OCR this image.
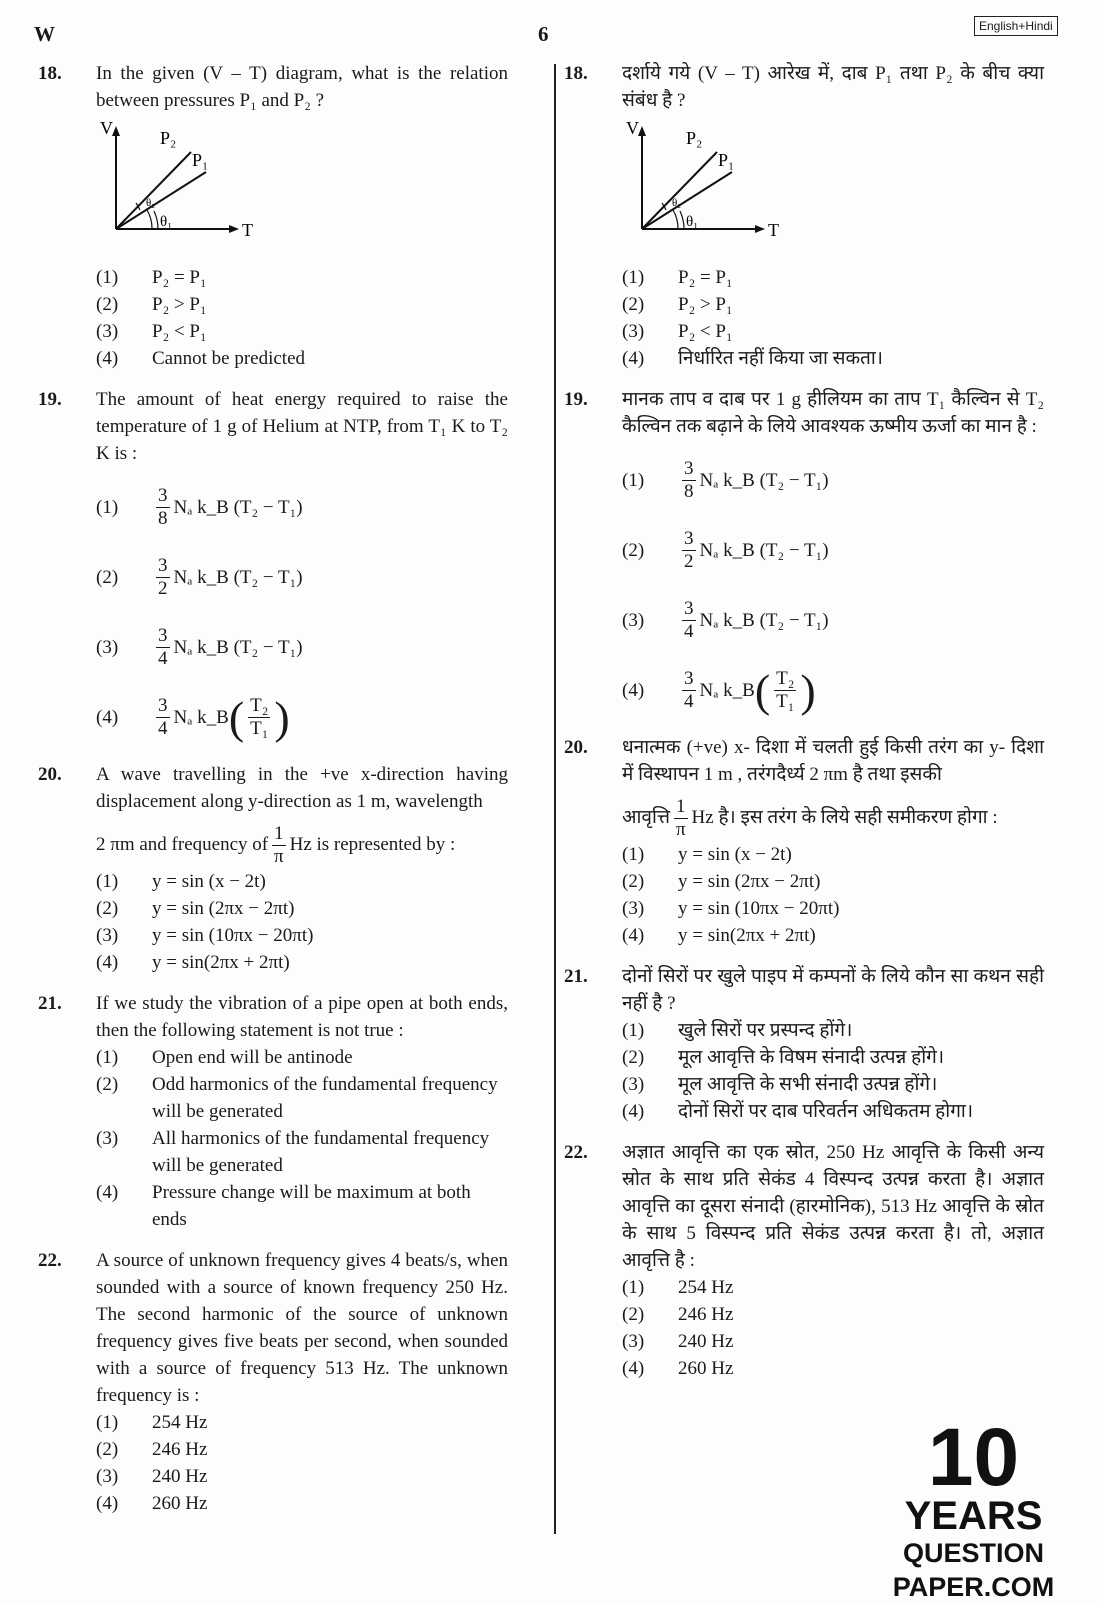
W	6	English+Hindi
18. In the given (V – T) diagram, what is the relation between pressures P₁ and P₂ ?
V
T
P₂
P₁
θ₁
θ₂
(1)	P₂ = P₁
(2)	P₂ > P₁
(3)	P₂ < P₁
(4)	Cannot be predicted
19. The amount of heat energy required to raise the temperature of 1 g of Helium at NTP, from T₁ K to T₂ K is :
(1)
3
8
Nₐ k_B (T₂ − T₁)
(2)
3
2
Nₐ k_B (T₂ − T₁)
(3)
3
4
Nₐ k_B (T₂ − T₁)
(4)
3
4
Nₐ k_B ( T₂
T₁ )
20. A wave travelling in the +ve x-direction having displacement along y-direction as 1 m, wavelength
2 πm and frequency of $\frac{1}{\pi}$ Hz is represented by :
(1)	y = sin (x − 2t)
(2)	y = sin (2πx − 2πt)
(3)	y = sin (10πx − 20πt)
(4)	y = sin(2πx + 2πt)
21. If we study the vibration of a pipe open at both ends, then the following statement is not true :
(1)	Open end will be antinode
(2)	Odd harmonics of the fundamental frequency will be generated
(3)	All harmonics of the fundamental frequency will be generated
(4)	Pressure change will be maximum at both ends
22. A source of unknown frequency gives 4 beats/s, when sounded with a source of known frequency 250 Hz. The second harmonic of the source of unknown frequency gives five beats per second, when sounded with a source of frequency 513 Hz. The unknown frequency is :
(1)	254 Hz
(2)	246 Hz
(3)	240 Hz
(4)	260 Hz
18. दर्शाये गये (V – T) आरेख में, दाब P₁ तथा P₂ के बीच क्या संबंध है ?
V
T
P₂
P₁
θ₁
θ₂
(1)	P₂ = P₁
(2)	P₂ > P₁
(3)	P₂ < P₁
(4)	निर्धारित नहीं किया जा सकता।
19. मानक ताप व दाब पर 1 g हीलियम का ताप T₁ कैल्विन से T₂ कैल्विन तक बढ़ाने के लिये आवश्यक ऊष्मीय ऊर्जा का मान है :
(1)
3
8
Nₐ k_B (T₂ − T₁)
(2)
3
2
Nₐ k_B (T₂ − T₁)
(3)
3
4
Nₐ k_B (T₂ − T₁)
(4)
3
4
Nₐ k_B ( T₂
T₁ )
20. धनात्मक (+ve) x- दिशा में चलती हुई किसी तरंग का y- दिशा में विस्थापन 1 m , तरंगदैर्ध्य 2 πm है तथा इसकी
आवृत्ति $\frac{1}{\pi}$ Hz है। इस तरंग के लिये सही समीकरण होगा :
(1)	y = sin (x − 2t)
(2)	y = sin (2πx − 2πt)
(3)	y = sin (10πx − 20πt)
(4)	y = sin(2πx + 2πt)
21. दोनों सिरों पर खुले पाइप में कम्पनों के लिये कौन सा कथन सही नहीं है ?
(1)	खुले सिरों पर प्रस्पन्द होंगे।
(2)	मूल आवृत्ति के विषम संनादी उत्पन्न होंगे।
(3)	मूल आवृत्ति के सभी संनादी उत्पन्न होंगे।
(4)	दोनों सिरों पर दाब परिवर्तन अधिकतम होगा।
22. अज्ञात आवृत्ति का एक स्रोत, 250 Hz आवृत्ति के किसी अन्य स्रोत के साथ प्रति सेकंड 4 विस्पन्द उत्पन्न करता है। अज्ञात आवृत्ति का दूसरा संनादी (हारमोनिक), 513 Hz आवृत्ति के स्रोत के साथ 5 विस्पन्द प्रति सेकंड उत्पन्न करता है। तो, अज्ञात आवृत्ति है :
(1)	254 Hz
(2)	246 Hz
(3)	240 Hz
(4)	260 Hz
10
YEARS
QUESTION PAPER.COM
